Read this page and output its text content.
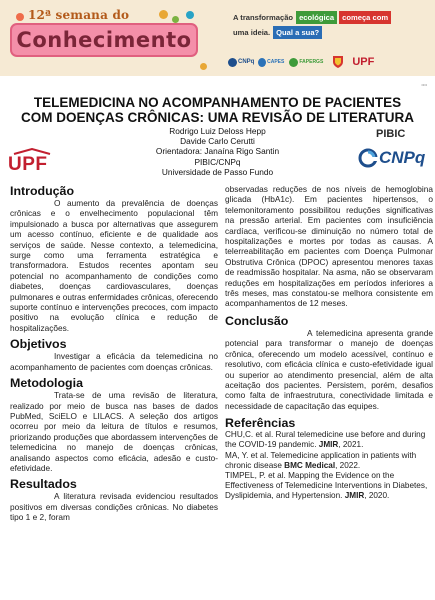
12ª semana do
Conhecimento
A transformação ecológica	começa com
uma ideia. Qual a sua?
CNPq	CAPES	FAPERGS	UPF
••••
TELEMEDICINA NO ACOMPANHAMENTO DE PACIENTES
COM DOENÇAS CRÔNICAS: UMA REVISÃO DE LITERATURA
Rodrigo Luiz Deloss Hepp
Davide Carlo Cerutti
Orientadora: Janaína Rigo Santin
PIBIC/CNPq
Universidade de Passo Fundo
UPF
PIBIC
CNPq
Introdução

O aumento da prevalência de doenças crônicas e o envelhecimento populacional têm impulsionado a busca por alternativas que assegurem um acesso contínuo, eficiente e de qualidade aos serviços de saúde. Nesse contexto, a telemedicina, surge como uma ferramenta estratégica e transformadora. Estudos recentes apontam seu potencial no acompanhamento de condições como diabetes, doenças cardiovasculares, doenças pulmonares e outras enfermidades crônicas, oferecendo suporte contínuo e intervenções precoces, com impacto positivo na evolução clínica e redução de hospitalizações.

Objetivos

Investigar a eficácia da telemedicina no acompanhamento de pacientes com doenças crônicas.

Metodologia

Trata-se de uma revisão de literatura, realizado por meio de busca nas bases de dados PubMed, SciELO e LILACS. A seleção dos artigos ocorreu por meio da leitura de títulos e resumos, priorizando produções que abordassem intervenções de telemedicina no manejo de doenças crônicas, analisando aspectos como eficácia, adesão e custo-efetividade.

Resultados

A literatura revisada evidenciou resultados positivos em diversas condições crônicas. No diabetes tipo 1 e 2, foram

observadas reduções de nos níveis de hemoglobina glicada (HbA1c). Em pacientes hipertensos, o telemonitoramento possibilitou reduções significativas na pressão arterial. Em pacientes com insuficiência cardíaca, verificou-se diminuição no número total de hospitalizações e mortes por todas as causas. A telerreabilitação em pacientes com Doença Pulmonar Obstrutiva Crônica (DPOC) apresentou menores taxas de readmissão hospitalar. Na asma, não se observaram reduções em hospitalizações em períodos inferiores a três meses, mas constatou-se melhora consistente em acompanhamentos de 12 meses.

Conclusão

A telemedicina apresenta grande potencial para transformar o manejo de doenças crônica, oferecendo um modelo acessível, contínuo e resolutivo, com eficácia clínica e custo-efetividade igual ou superior ao atendimento presencial, além de alta aceitação dos pacientes. Persistem, porém, desafios como falta de infraestrutura, conectividade limitada e necessidade de capacitação das equipes.

Referências
CHU,C. et al. Rural telemedicine use before and during the COVID-19 pandemic. JMIR, 2021.
MA, Y. et al. Telemedicine application in patients with chronic disease BMC Medical, 2022.
TIMPEL, P. et al. Mapping the Evidence on the Effectiveness of Telemedicine Interventions in Diabetes, Dyslipidemia, and Hypertension. JMIR, 2020.
